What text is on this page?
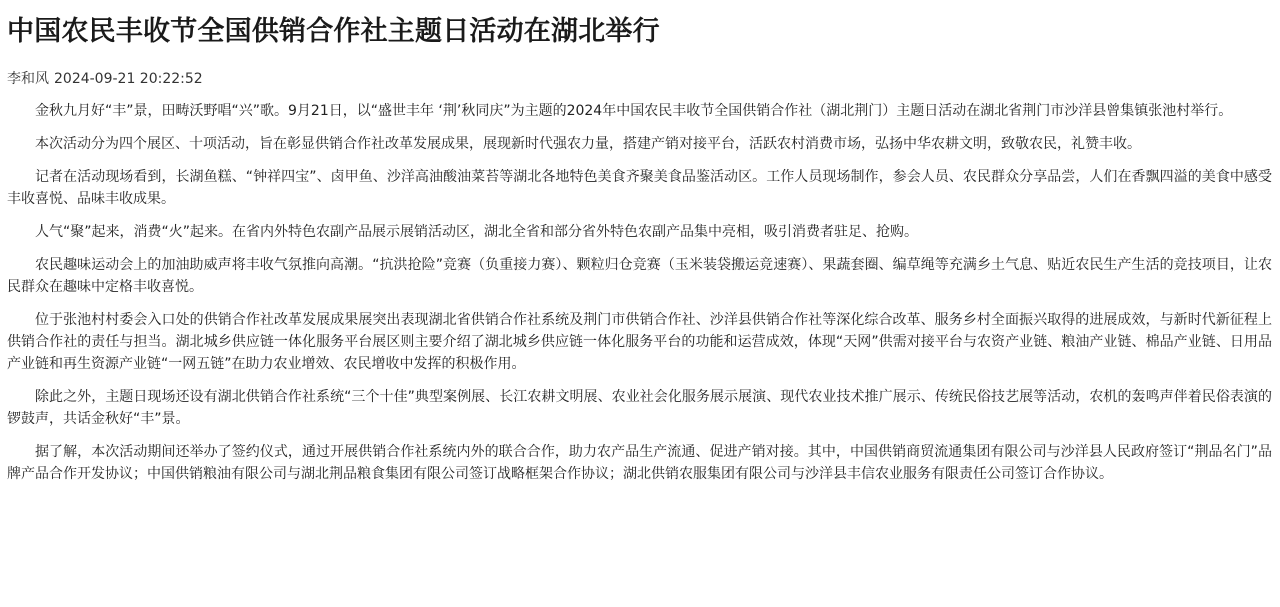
中国农民丰收节全国供销合作社主题日活动在湖北举行
李和风 2024-09-21 20:22:52

金秋九月好“丰”景，田畴沃野唱“兴”歌。9月21日，以“盛世丰年 ‘荆’秋同庆”为主题的2024年中国农民丰收节全国供销合作社（湖北荆门）主题日活动在湖北省荆门市沙洋县曾集镇张池村举行。

本次活动分为四个展区、十项活动，旨在彰显供销合作社改革发展成果，展现新时代强农力量，搭建产销对接平台，活跃农村消费市场，弘扬中华农耕文明，致敬农民，礼赞丰收。

记者在活动现场看到，长湖鱼糕、“钟祥四宝”、卤甲鱼、沙洋高油酸油菜苔等湖北各地特色美食齐聚美食品鉴活动区。工作人员现场制作，参会人员、农民群众分享品尝，人们在香飘四溢的美食中感受丰收喜悦、品味丰收成果。

人气“聚”起来，消费“火”起来。在省内外特色农副产品展示展销活动区，湖北全省和部分省外特色农副产品集中亮相，吸引消费者驻足、抢购。

农民趣味运动会上的加油助威声将丰收气氛推向高潮。“抗洪抢险”竞赛（负重接力赛）、颗粒归仓竞赛（玉米装袋搬运竞速赛）、果蔬套圈、编草绳等充满乡土气息、贴近农民生产生活的竞技项目，让农民群众在趣味中定格丰收喜悦。

位于张池村村委会入口处的供销合作社改革发展成果展突出表现湖北省供销合作社系统及荆门市供销合作社、沙洋县供销合作社等深化综合改革、服务乡村全面振兴取得的进展成效，与新时代新征程上供销合作社的责任与担当。湖北城乡供应链一体化服务平台展区则主要介绍了湖北城乡供应链一体化服务平台的功能和运营成效，体现“天网”供需对接平台与农资产业链、粮油产业链、棉品产业链、日用品产业链和再生资源产业链“一网五链”在助力农业增效、农民增收中发挥的积极作用。

除此之外，主题日现场还设有湖北供销合作社系统“三个十佳”典型案例展、长江农耕文明展、农业社会化服务展示展演、现代农业技术推广展示、传统民俗技艺展等活动，农机的轰鸣声伴着民俗表演的锣鼓声，共话金秋好“丰”景。

据了解，本次活动期间还举办了签约仪式，通过开展供销合作社系统内外的联合合作，助力农产品生产流通、促进产销对接。其中，中国供销商贸流通集团有限公司与沙洋县人民政府签订“荆品名门”品牌产品合作开发协议；中国供销粮油有限公司与湖北荆品粮食集团有限公司签订战略框架合作协议；湖北供销农服集团有限公司与沙洋县丰信农业服务有限责任公司签订合作协议。
